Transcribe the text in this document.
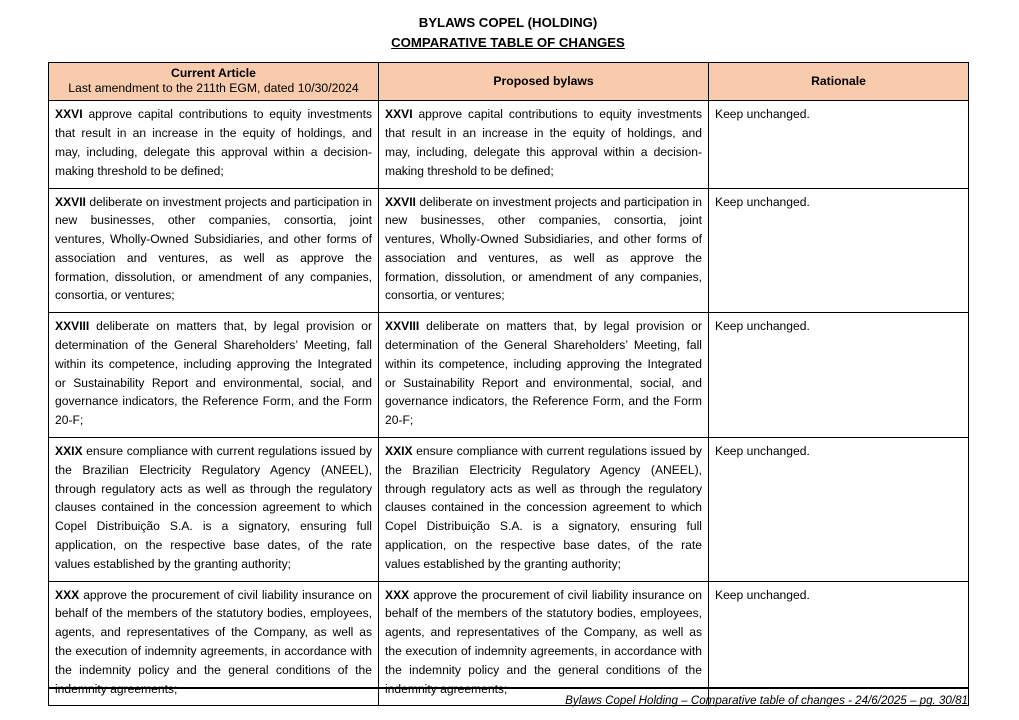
BYLAWS COPEL (HOLDING)
COMPARATIVE TABLE OF CHANGES
Current Article
Last amendment to the 211th EGM, dated 10/30/2024	Proposed bylaws	Rationale
XXVI approve capital contributions to equity investments that result in an increase in the equity of holdings, and may, including, delegate this approval within a decision-making threshold to be defined;	XXVI approve capital contributions to equity investments that result in an increase in the equity of holdings, and may, including, delegate this approval within a decision-making threshold to be defined;	Keep unchanged.
XXVII deliberate on investment projects and participation in new businesses, other companies, consortia, joint ventures, Wholly-Owned Subsidiaries, and other forms of association and ventures, as well as approve the formation, dissolution, or amendment of any companies, consortia, or ventures;	XXVII deliberate on investment projects and participation in new businesses, other companies, consortia, joint ventures, Wholly-Owned Subsidiaries, and other forms of association and ventures, as well as approve the formation, dissolution, or amendment of any companies, consortia, or ventures;	Keep unchanged.
XXVIII deliberate on matters that, by legal provision or determination of the General Shareholders’ Meeting, fall within its competence, including approving the Integrated or Sustainability Report and environmental, social, and governance indicators, the Reference Form, and the Form 20-F;	XXVIII deliberate on matters that, by legal provision or determination of the General Shareholders’ Meeting, fall within its competence, including approving the Integrated or Sustainability Report and environmental, social, and governance indicators, the Reference Form, and the Form 20-F;	Keep unchanged.
XXIX ensure compliance with current regulations issued by the Brazilian Electricity Regulatory Agency (ANEEL), through regulatory acts as well as through the regulatory clauses contained in the concession agreement to which Copel Distribuição S.A. is a signatory, ensuring full application, on the respective base dates, of the rate values established by the granting authority;	XXIX ensure compliance with current regulations issued by the Brazilian Electricity Regulatory Agency (ANEEL), through regulatory acts as well as through the regulatory clauses contained in the concession agreement to which Copel Distribuição S.A. is a signatory, ensuring full application, on the respective base dates, of the rate values established by the granting authority;	Keep unchanged.
XXX approve the procurement of civil liability insurance on behalf of the members of the statutory bodies, employees, agents, and representatives of the Company, as well as the execution of indemnity agreements, in accordance with the indemnity policy and the general conditions of the indemnity agreements;	XXX approve the procurement of civil liability insurance on behalf of the members of the statutory bodies, employees, agents, and representatives of the Company, as well as the execution of indemnity agreements, in accordance with the indemnity policy and the general conditions of the indemnity agreements;	Keep unchanged.
Bylaws Copel Holding – Comparative table of changes - 24/6/2025 – pg. 30/81
